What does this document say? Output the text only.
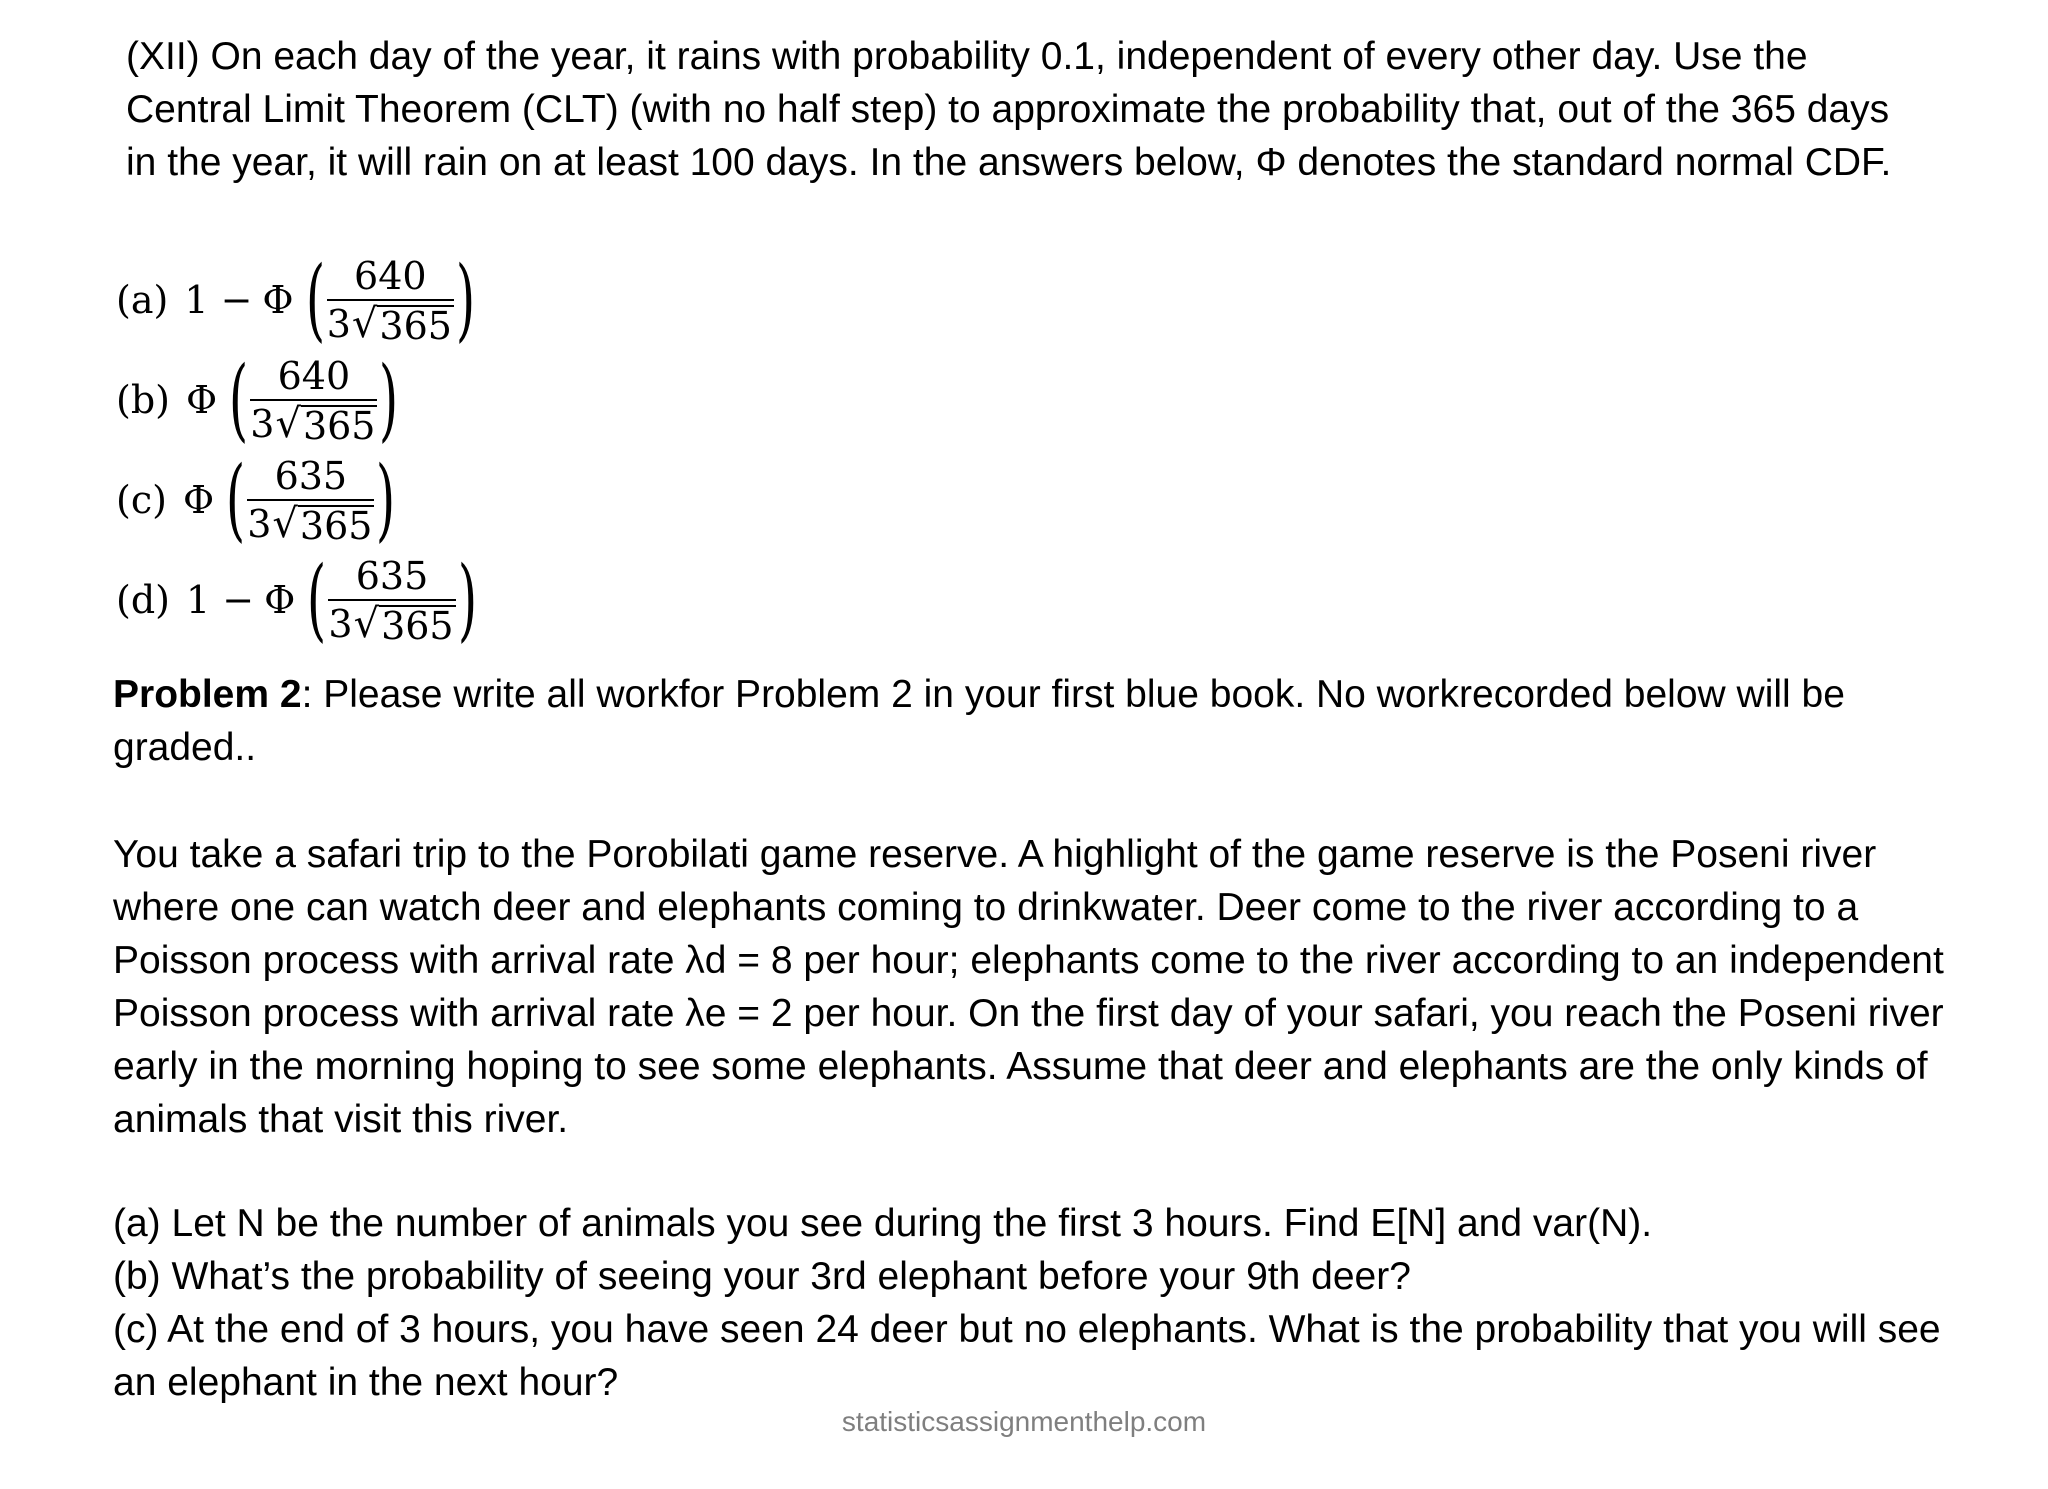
(XII) On each day of the year, it rains with probability 0.1, independent of every other day. Use the Central Limit Theorem (CLT) (with no half step) to approximate the probability that, out of the 365 days in the year, it will rain on at least 100 days. In the answers below, Φ denotes the standard normal CDF.

(a) 1 − Φ ( $\frac{640}{3 √ 365}$ )
(b) Φ ( $\frac{640}{3 √ 365}$ )
(c) Φ ( $\frac{635}{3 √ 365}$ )
(d) 1 − Φ ( $\frac{635}{3 √ 365}$ )

Problem 2: Please write all workfor Problem 2 in your first blue book. No workrecorded below will be graded..

You take a safari trip to the Porobilati game reserve. A highlight of the game reserve is the Poseni river where one can watch deer and elephants coming to drinkwater. Deer come to the river according to a Poisson process with arrival rate λd = 8 per hour; elephants come to the river according to an independent Poisson process with arrival rate λe = 2 per hour. On the first day of your safari, you reach the Poseni river early in the morning hoping to see some elephants. Assume that deer and elephants are the only kinds of animals that visit this river.

(a) Let N be the number of animals you see during the first 3 hours. Find E[N] and var(N).
(b) What’s the probability of seeing your 3rd elephant before your 9th deer?
(c) At the end of 3 hours, you have seen 24 deer but no elephants. What is the probability that you will see an elephant in the next hour?
statisticsassignmenthelp.com
